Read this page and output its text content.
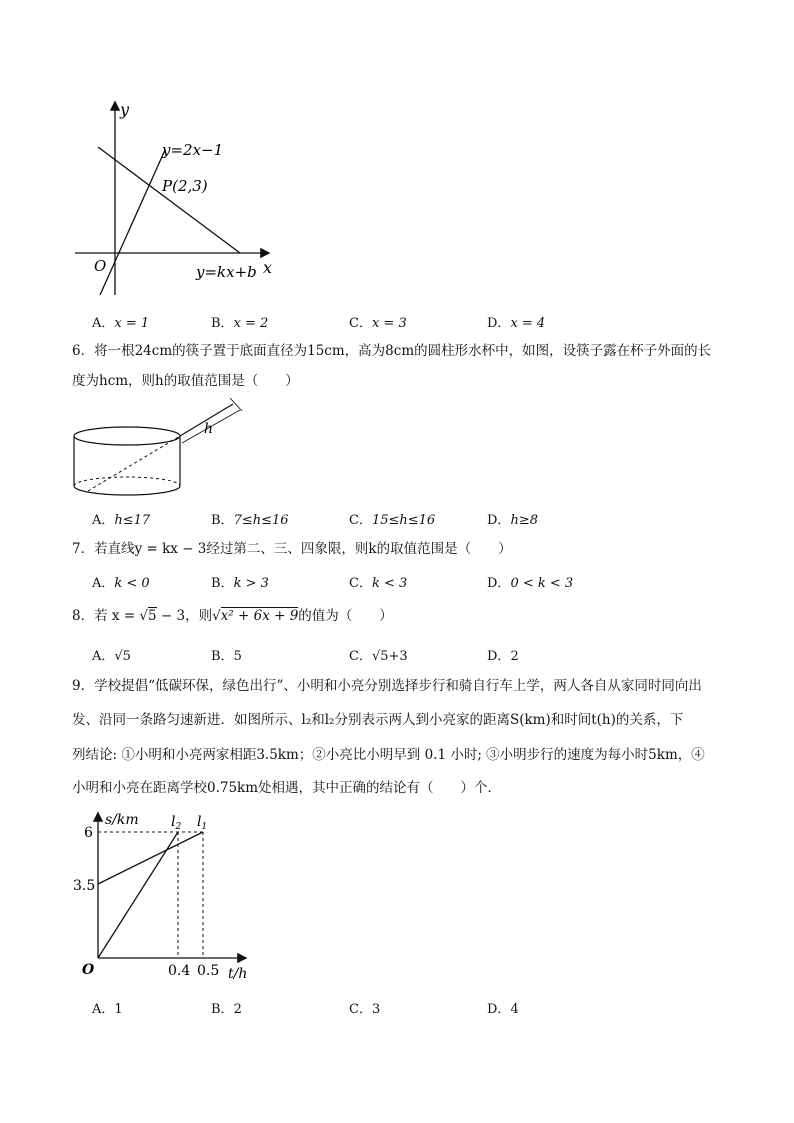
y
x
O
y=2x−1
P(2,3)
y=kx+b
A．x = 1	B．x = 2	C．x = 3	D．x = 4
6．将一根24cm的筷子置于底面直径为15cm，高为8cm的圆柱形水杯中，如图，设筷子露在杯子外面的长
度为hcm，则h的取值范围是（　　）
h
A．h≤17	B．7≤h≤16	C．15≤h≤16	D．h≥8
7．若直线y = kx − 3经过第二、三、四象限，则k的取值范围是（　　）
A．k < 0	B．k > 3	C．k < 3	D．0 < k < 3
8．若 x = √5 − 3，则√x² + 6x + 9的值为（　　）
A．√5	B．5	C．√5+3	D．2
9．学校提倡“低碳环保，绿色出行”、小明和小亮分别选择步行和骑自行车上学，两人各自从家同时同向出
发、沿同一条路匀速新进．如图所示、l₂和l₂分别表示两人到小亮家的距离S(km)和时间t(h)的关系，下
列结论: ①小明和小亮两家相距3.5km；②小亮比小明早到 0.1 小时; ③小明步行的速度为每小时5km，④
小明和小亮在距离学校0.75km处相遇，其中正确的结论有（　　）个．
s/km
t/h
O
6
3.5
0.4 0.5
$l_2$ $l_1$
A．1	B．2	C．3	D．4
